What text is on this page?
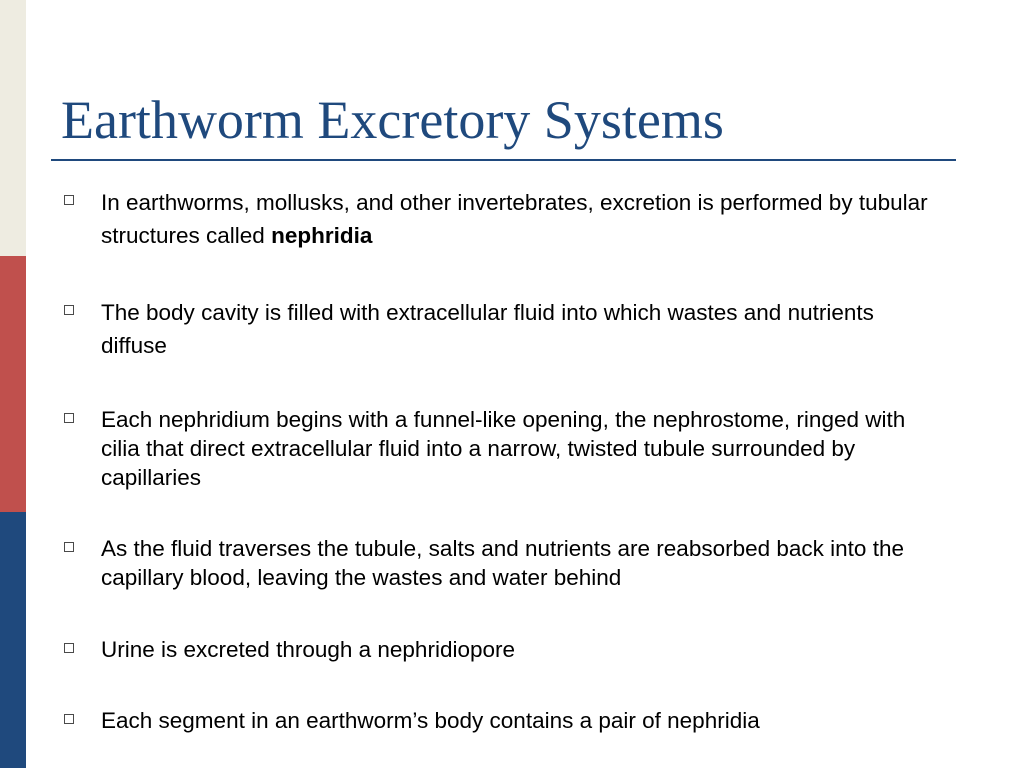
Earthworm Excretory Systems
In earthworms, mollusks, and other invertebrates, excretion is performed by tubular structures called nephridia
The body cavity is filled with extracellular fluid into which wastes and nutrients diffuse
Each nephridium begins with a funnel-like opening, the nephrostome, ringed with cilia that direct extracellular fluid into a narrow, twisted tubule surrounded by capillaries
As the fluid traverses the tubule, salts and nutrients are reabsorbed back into the capillary blood, leaving the wastes and water behind
Urine is excreted through a nephridiopore
Each segment in an earthworm’s body contains a pair of nephridia
